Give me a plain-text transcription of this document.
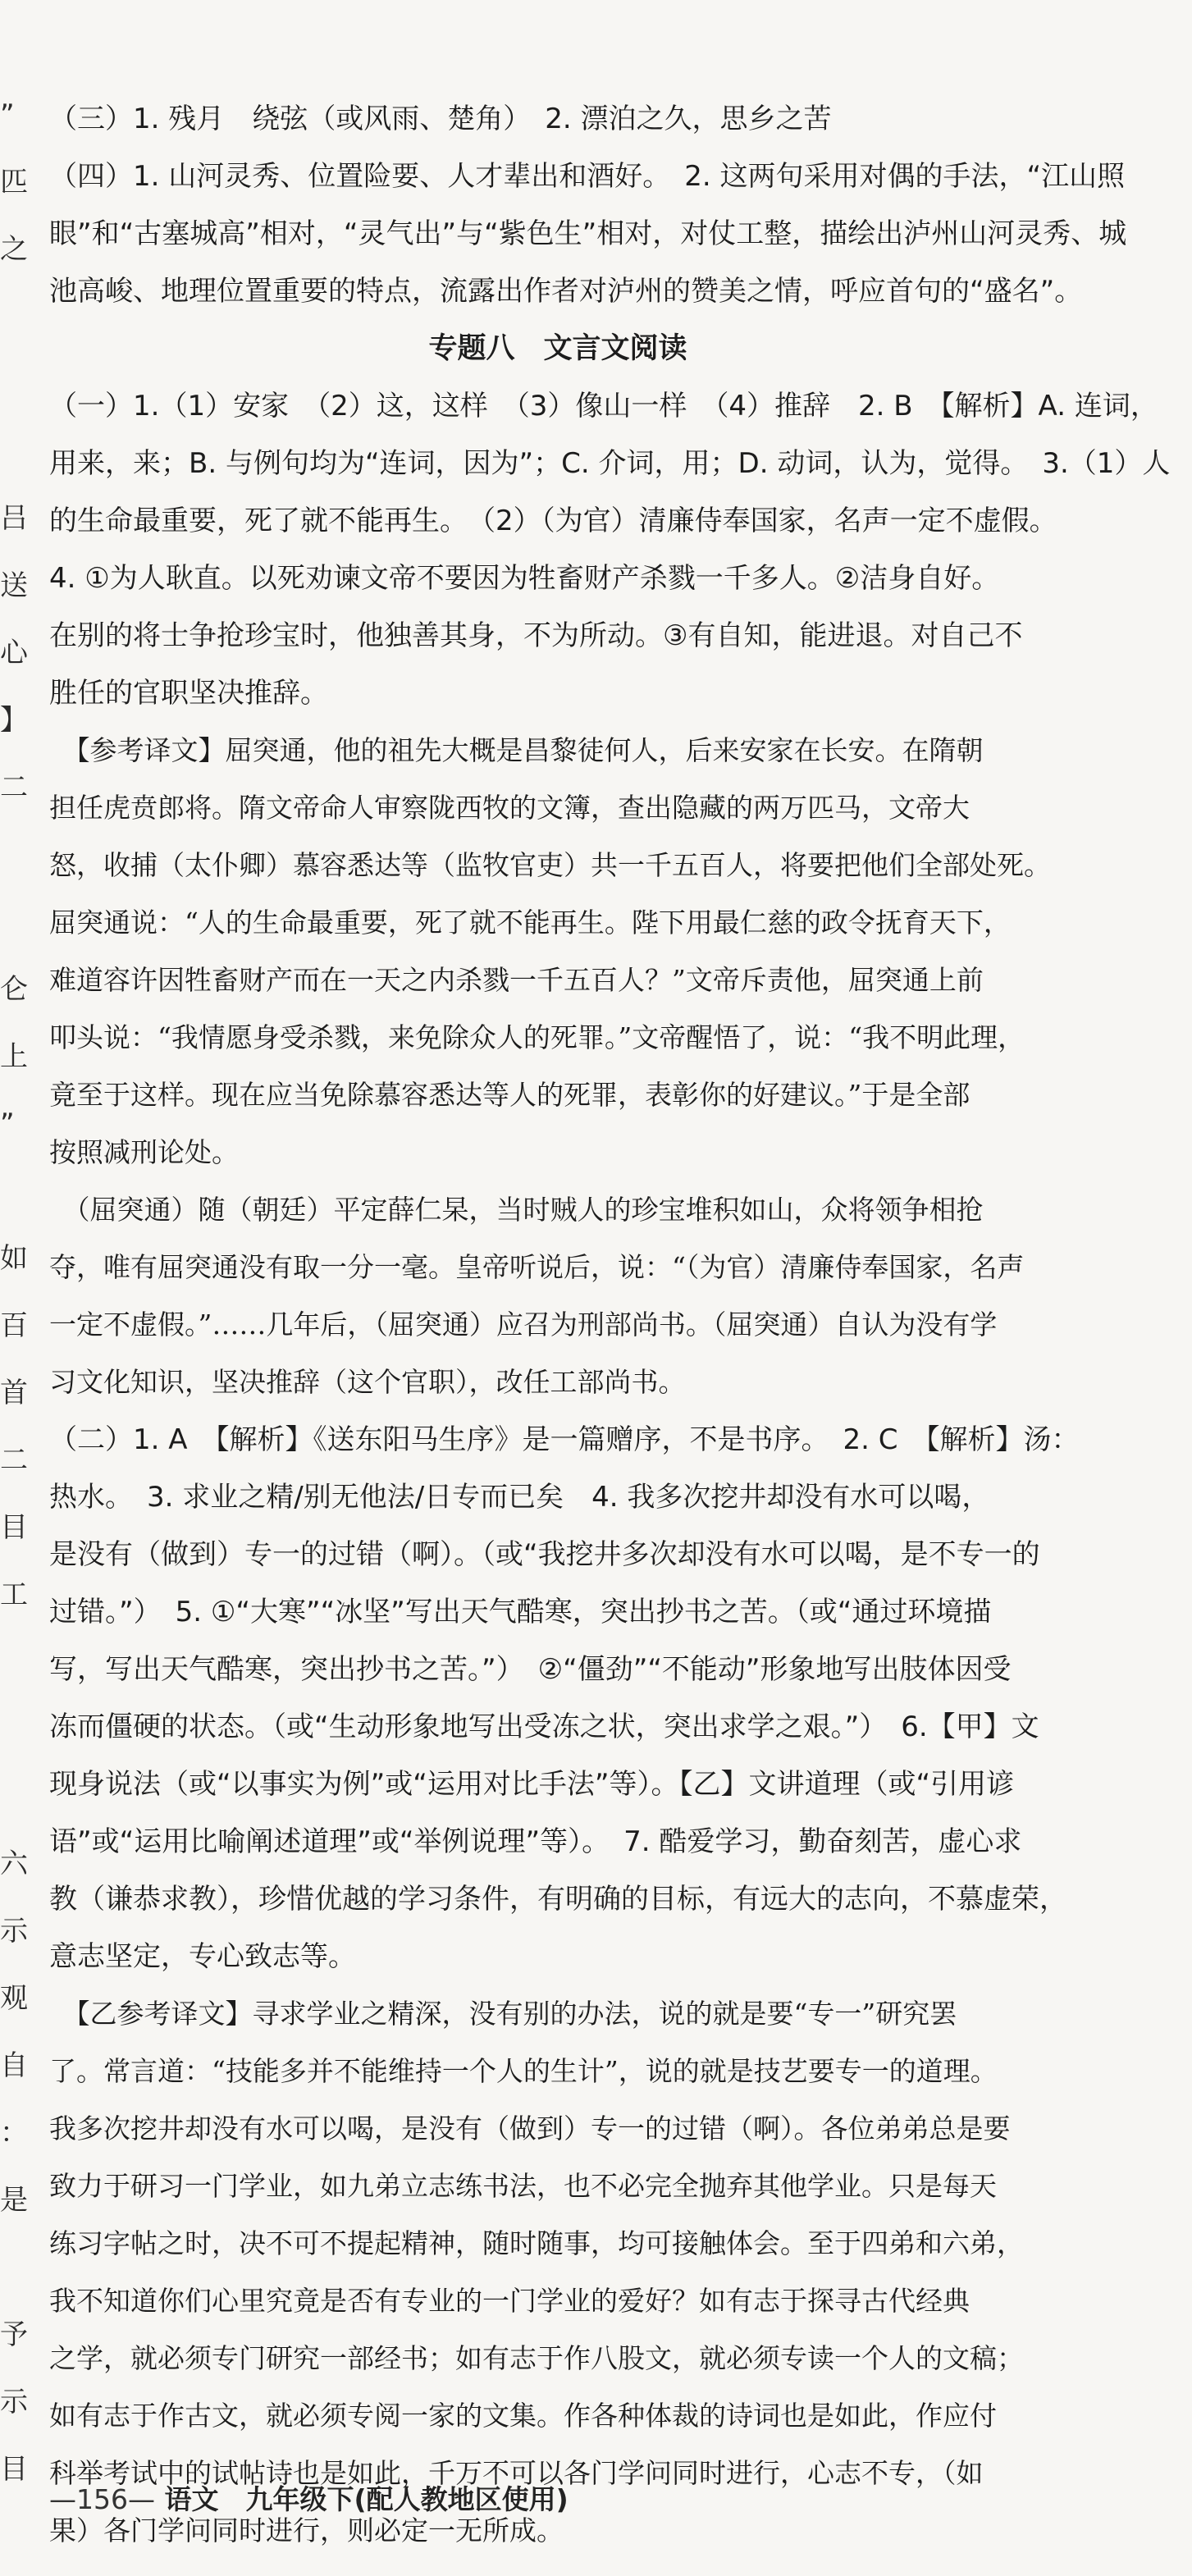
”
匹
之
吕
送
心
】
二
仑
上
”
如
百
首
二
目
工
六
示
观
自
：
是
予
示
目
（三）1. 残月　绕弦（或风雨、楚角）　2. 漂泊之久，思乡之苦
（四）1. 山河灵秀、位置险要、人才辈出和酒好。　2. 这两句采用对偶的手法，“江山照
眼”和“古塞城高”相对，“灵气出”与“紫色生”相对，对仗工整，描绘出泸州山河灵秀、城
池高峻、地理位置重要的特点，流露出作者对泸州的赞美之情，呼应首句的“盛名”。
专题八　文言文阅读
（一）1.（1）安家　（2）这，这样　（3）像山一样　（4）推辞　2. B　【解析】A. 连词，
用来，来；B. 与例句均为“连词，因为”；C. 介词，用；D. 动词，认为，觉得。　3.（1）人
的生命最重要，死了就不能再生。　（2）（为官）清廉侍奉国家，名声一定不虚假。
4. ①为人耿直。以死劝谏文帝不要因为牲畜财产杀戮一千多人。②洁身自好。
在别的将士争抢珍宝时，他独善其身，不为所动。③有自知，能进退。对自己不
胜任的官职坚决推辞。
　【参考译文】屈突通，他的祖先大概是昌黎徒何人，后来安家在长安。在隋朝
担任虎贲郎将。隋文帝命人审察陇西牧的文簿，查出隐藏的两万匹马，文帝大
怒，收捕（太仆卿）慕容悉达等（监牧官吏）共一千五百人，将要把他们全部处死。
屈突通说：“人的生命最重要，死了就不能再生。陛下用最仁慈的政令抚育天下，
难道容许因牲畜财产而在一天之内杀戮一千五百人？”文帝斥责他，屈突通上前
叩头说：“我情愿身受杀戮，来免除众人的死罪。”文帝醒悟了，说：“我不明此理，
竟至于这样。现在应当免除慕容悉达等人的死罪，表彰你的好建议。”于是全部
按照减刑论处。
　（屈突通）随（朝廷）平定薛仁杲，当时贼人的珍宝堆积如山，众将领争相抢
夺，唯有屈突通没有取一分一毫。皇帝听说后，说：“（为官）清廉侍奉国家，名声
一定不虚假。”……几年后，（屈突通）应召为刑部尚书。（屈突通）自认为没有学
习文化知识，坚决推辞（这个官职），改任工部尚书。
（二）1. A　【解析】《送东阳马生序》是一篇赠序，不是书序。　2. C　【解析】汤：
热水。　3. 求业之精/别无他法/日专而已矣　4. 我多次挖井却没有水可以喝，
是没有（做到）专一的过错（啊）。（或“我挖井多次却没有水可以喝，是不专一的
过错。”）　5. ①“大寒”“冰坚”写出天气酷寒，突出抄书之苦。（或“通过环境描
写，写出天气酷寒，突出抄书之苦。”）　②“僵劲”“不能动”形象地写出肢体因受
冻而僵硬的状态。（或“生动形象地写出受冻之状，突出求学之艰。”）　6.【甲】文
现身说法（或“以事实为例”或“运用对比手法”等）。【乙】文讲道理（或“引用谚
语”或“运用比喻阐述道理”或“举例说理”等）。　7. 酷爱学习，勤奋刻苦，虚心求
教（谦恭求教），珍惜优越的学习条件，有明确的目标，有远大的志向，不慕虚荣，
意志坚定，专心致志等。
　【乙参考译文】寻求学业之精深，没有别的办法，说的就是要“专一”研究罢
了。常言道：“技能多并不能维持一个人的生计”，说的就是技艺要专一的道理。
我多次挖井却没有水可以喝，是没有（做到）专一的过错（啊）。各位弟弟总是要
致力于研习一门学业，如九弟立志练书法，也不必完全抛弃其他学业。只是每天
练习字帖之时，决不可不提起精神，随时随事，均可接触体会。至于四弟和六弟，
我不知道你们心里究竟是否有专业的一门学业的爱好？如有志于探寻古代经典
之学，就必须专门研究一部经书；如有志于作八股文，就必须专读一个人的文稿；
如有志于作古文，就必须专阅一家的文集。作各种体裁的诗词也是如此，作应付
科举考试中的试帖诗也是如此，千万不可以各门学问同时进行，心志不专，（如
果）各门学问同时进行，则必定一无所成。
—156— 语文　九年级下(配人教地区使用)
